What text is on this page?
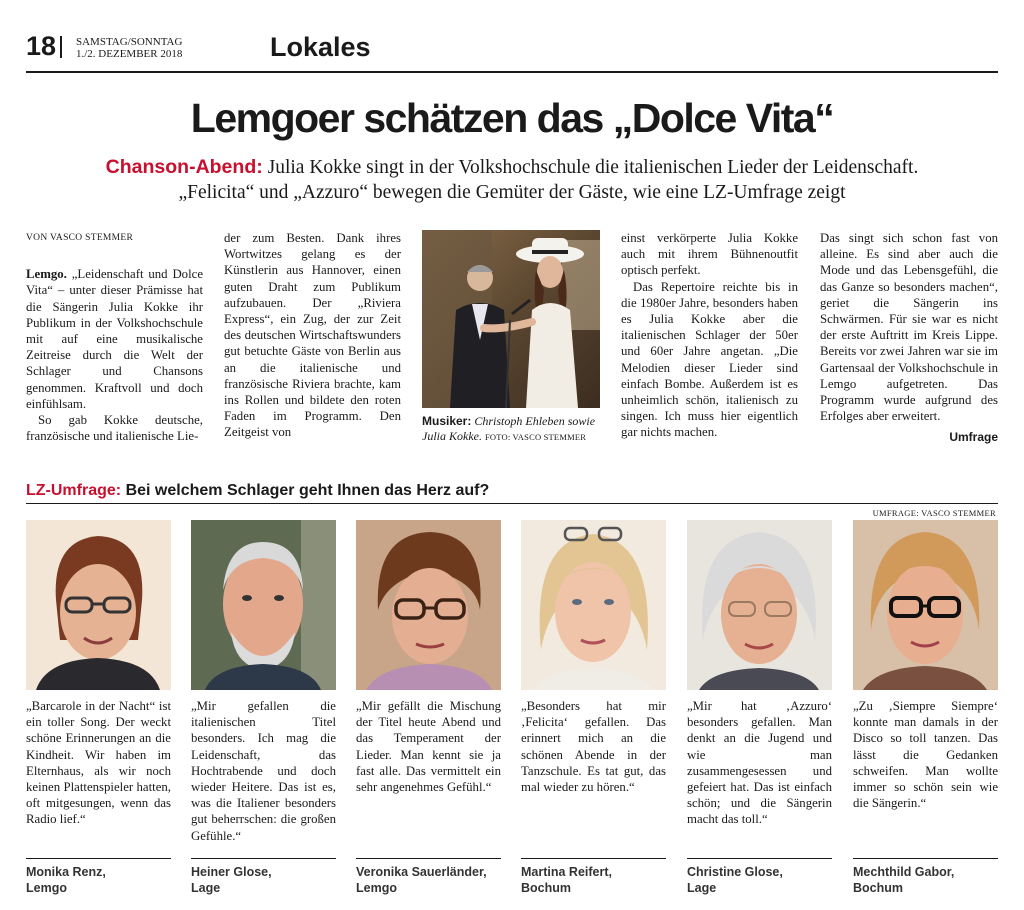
18 SAMSTAG/SONNTAG
1./2. DEZEMBER 2018	Lokales
Lemgoer schätzen das „Dolce Vita“
Chanson-Abend: Julia Kokke singt in der Volkshochschule die italienischen Lieder der Leidenschaft.
„Felicita“ und „Azzuro“ bewegen die Gemüter der Gäste, wie eine LZ-Umfrage zeigt
VON VASCO STEMMER

Lemgo. „Leidenschaft und Dolce Vita“ – unter dieser Prämisse hat die Sängerin Julia Kokke ihr Publikum in der Volkshochschule mit auf eine musikalische Zeitreise durch die Welt der Schlager und Chansons genommen. Kraftvoll und doch einfühlsam.

So gab Kokke deutsche, französische und italienische Lie-

der zum Besten. Dank ihres Wortwitzes gelang es der Künstlerin aus Hannover, einen guten Draht zum Publikum aufzubauen. Der „Riviera Express“, ein Zug, der zur Zeit des deutschen Wirtschaftswunders gut betuchte Gäste von Berlin aus an die italienische und französische Riviera brachte, kam ins Rollen und bildete den roten Faden im Programm. Den Zeitgeist von

Musiker: Christoph Ehleben sowie Julia Kokke. FOTO: VASCO STEMMER

einst verkörperte Julia Kokke auch mit ihrem Bühnenoutfit optisch perfekt.

Das Repertoire reichte bis in die 1980er Jahre, besonders haben es Julia Kokke aber die italienischen Schlager der 50er und 60er Jahre angetan. „Die Melodien dieser Lieder sind einfach Bombe. Außerdem ist es unheimlich schön, italienisch zu singen. Ich muss hier eigentlich gar nichts machen.

Das singt sich schon fast von alleine. Es sind aber auch die Mode und das Lebensgefühl, die das Ganze so besonders machen“, geriet die Sängerin ins Schwärmen. Für sie war es nicht der erste Auftritt im Kreis Lippe. Bereits vor zwei Jahren war sie im Gartensaal der Volkshochschule in Lemgo aufgetreten. Das Programm wurde aufgrund des Erfolges aber erweitert.

Umfrage
LZ-Umfrage: Bei welchem Schlager geht Ihnen das Herz auf?
UMFRAGE: VASCO STEMMER
„Barcarole in der Nacht“ ist ein toller Song. Der weckt schöne Erinnerungen an die Kindheit. Wir haben im Elternhaus, als wir noch keinen Plattenspieler hatten, oft mitgesungen, wenn das Radio lief.“
„Mir gefallen die italienischen Titel besonders. Ich mag die Leidenschaft, das Hochtrabende und doch wieder Heitere. Das ist es, was die Italiener besonders gut beherrschen: die großen Gefühle.“
„Mir gefällt die Mischung der Titel heute Abend und das Temperament der Lieder. Man kennt sie ja fast alle. Das vermittelt ein sehr angenehmes Gefühl.“
„Besonders hat mir ‚Felicita‘ gefallen. Das erinnert mich an die schönen Abende in der Tanzschule. Es tat gut, das mal wieder zu hören.“
„Mir hat ‚Azzuro‘ besonders gefallen. Man denkt an die Jugend und wie man zusammengesessen und gefeiert hat. Das ist einfach schön; und die Sängerin macht das toll.“
„Zu ‚Siempre Siempre‘ konnte man damals in der Disco so toll tanzen. Das lässt die Gedanken schweifen. Man wollte immer so schön sein wie die Sängerin.“
Monika Renz,
Lemgo
Heiner Glose,
Lage
Veronika Sauerländer,
Lemgo
Martina Reifert,
Bochum
Christine Glose,
Lage
Mechthild Gabor,
Bochum
